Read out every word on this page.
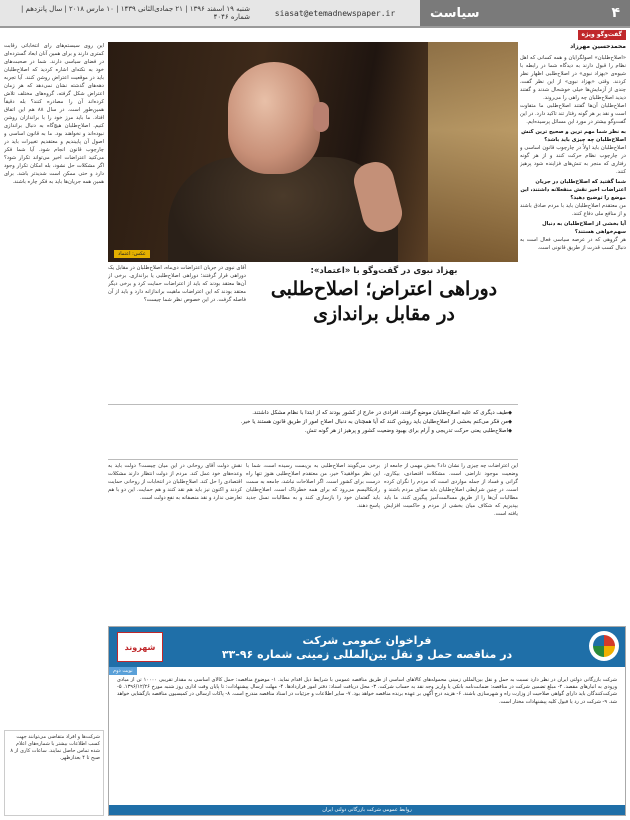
سیاست	۴
siasat@etemadnewspaper.ir
شنبه ۱۹ اسفند ۱۳۹۶ | ۲۱ جمادی‌الثانی ۱۴۳۹ | ۱۰ مارس ۲۰۱۸ | سال پانزدهم | شماره ۴۰۴۶
گفت‌وگو ویژه
محمدحسین مهرزاد

«اصلاح‌طلبان» اصولگرایان و همه کسانی که اهل نظام را قبول دارند به دیدگاه شما در رابطه با شیوه‌ی «بهزاد نبوی» در اصلاح‌طلبی اظهار نظر کردند. وقتی «بهزاد نبوی» از این نظر گفت، چندی از آزمایش‌ها خیلی خوشحال شدند و گفتند دیدید اصلاح‌طلبان چه راهی را می‌روند.

اصلاح‌طلبان آن‌ها گفتند اصلاح‌طلبی ما متفاوت است و نقد بر هر گونه رفتار تند تاکید دارد. در این گفت‌وگو بیشتر در مورد این مسائل پرسیده‌ایم.

به نظر شما مهم ترین و صحیح ترین کنش اصلاح‌طلبان چه چیزی باید باشد؟

اصلاح‌طلبان باید اولاً در چارچوب قانون اساسی و در چارچوب نظام حرکت کنند و از هر گونه رفتاری که منجر به تنش‌های فزاینده شود پرهیز کنند.

شما گفتید که اصلاح‌طلبان در جریان اعتراضات اخیر نقش منفعلانه داشتند، این موضع را توضیح دهید؟

من معتقدم اصلاح‌طلبان باید با مردم صادق باشند و از منافع ملی دفاع کنند.

آیا بخشی از اصلاح‌طلبان به دنبال سهم‌خواهی هستند؟

هر گروهی که در عرصه سیاسی فعال است به دنبال کسب قدرت از طریق قانونی است.

عکس: اعتماد
این روی سیستم‌های رای انتخاباتی رقابت کمتری دارند و برای همین آنان ابعاد گسترده‌ای در فضای سیاسی دارند. شما در صحبت‌های خود به نکته‌ای اشاره کردید که اصلاح‌طلبان باید در موقعیت اعتراض روشن کنند. آیا تجربه دهه‌های گذشته نشان نمی‌دهد که هر زمان اعتراض شکل گرفته، گروه‌های مختلف تلاش کرده‌اند آن را مصادره کنند؟ بله دقیقاً همین‌طور است. در سال ۸۸ هم این اتفاق افتاد. ما باید مرز خود را با براندازان روشن کنیم. اصلاح‌طلبان هیچ‌گاه به دنبال براندازی نبوده‌اند و نخواهند بود. ما به قانون اساسی و اصول آن پایبندیم و معتقدیم تغییرات باید در چارچوب قانون انجام شود. آیا شما فکر می‌کنید اعتراضات اخیر می‌تواند تکرار شود؟ اگر مشکلات حل نشود، بله امکان تکرار وجود دارد و حتی ممکن است شدیدتر باشد. برای همین همه جریان‌ها باید به فکر چاره باشند.
بهزاد نبوی در گفت‌وگو با «اعتماد»:
دوراهی اعتراض؛ اصلاح‌طلبی
در مقابل براندازی
آقای نبوی در جریان اعتراضات دی‌ماه، اصلاح‌طلبان در مقابل یک دوراهی قرار گرفتند؛ دوراهی اصلاح‌طلبی یا براندازی. برخی از آن‌ها معتقد بودند که باید از اعتراضات حمایت کرد و برخی دیگر معتقد بودند که این اعتراضات ماهیت براندازانه دارد و باید از آن فاصله گرفت. در این خصوص نظر شما چیست؟
◆ طیف دیگری که علیه اصلاح‌طلبان موضع گرفتند، افرادی در خارج از کشور بودند که از ابتدا با نظام مشکل داشتند.
◆ من فکر می‌کنم بخشی از اصلاح‌طلبان باید روشن کنند که آیا همچنان به دنبال اصلاح امور از طریق قانون هستند یا خیر.
◆ اصلاح‌طلبی یعنی حرکت تدریجی و آرام برای بهبود وضعیت کشور و پرهیز از هر گونه تنش.
این اعتراضات چه چیزی را نشان داد؟ بخش مهمی از جامعه از وضعیت موجود ناراضی است. مشکلات اقتصادی، بیکاری، گرانی و فساد از جمله مواردی است که مردم را نگران کرده است. در چنین شرایطی اصلاح‌طلبان باید صدای مردم باشند و مطالبات آن‌ها را از طریق مسالمت‌آمیز پیگیری کنند. ما باید بپذیریم که شکاف میان بخشی از مردم و حاکمیت افزایش یافته است.
برخی می‌گویند اصلاح‌طلبی به بن‌بست رسیده است، شما با این نظر موافقید؟ خیر، من معتقدم اصلاح‌طلبی هنوز تنها راه درست برای کشور است. اگر اصلاحات نباشد، جامعه به سمت رادیکالیسم می‌رود که برای همه خطرناک است. اصلاح‌طلبان باید گفتمان خود را بازسازی کنند و به مطالبات نسل جدید پاسخ دهند.
نقش دولت آقای روحانی در این میان چیست؟ دولت باید به وعده‌های خود عمل کند. مردم از دولت انتظار دارند مشکلات اقتصادی را حل کند. اصلاح‌طلبان در انتخابات از روحانی حمایت کردند و اکنون نیز باید هم نقد کنند و هم حمایت. این دو با هم تعارضی ندارد و نقد منصفانه به نفع دولت است.
شهروند
فراخوان عمومی شرکت
در مناقصه حمل و نقل بین‌المللی زمینی شماره ۹۶-۳۳
نوبت دوم
شرکت بازرگانی دولتی ایران در نظر دارد نسبت به حمل و نقل بین‌المللی زمینی محموله‌های کالاهای اساسی از طریق مناقصه عمومی با شرایط ذیل اقدام نماید. ۱- موضوع مناقصه: حمل کالای اساسی به مقدار تقریبی ۱۰۰۰۰ تن از مبادی ورودی به انبارهای مقصد. ۲- مبلغ تضمین شرکت در مناقصه: ضمانت‌نامه بانکی یا واریز وجه نقد به حساب شرکت. ۳- محل دریافت اسناد: دفتر امور قراردادها. ۴- مهلت ارسال پیشنهادات: تا پایان وقت اداری روز شنبه مورخ ۱۳۹۶/۱۲/۲۶. ۵- شرکت‌کنندگان باید دارای گواهی صلاحیت از وزارت راه و شهرسازی باشند. ۶- هزینه درج آگهی بر عهده برنده مناقصه خواهد بود. ۷- سایر اطلاعات و جزئیات در اسناد مناقصه مندرج است. ۸- پاکات ارسالی در کمیسیون مناقصه بازگشایی خواهد شد. ۹- شرکت در رد یا قبول کلیه پیشنهادات مختار است.
روابط عمومی شرکت بازرگانی دولتی ایران
شرکت‌ها و افراد متقاضی می‌توانند جهت کسب اطلاعات بیشتر با شماره‌های اعلام شده تماس حاصل نمایند. ساعات کاری از ۸ صبح تا ۴ بعدازظهر.
